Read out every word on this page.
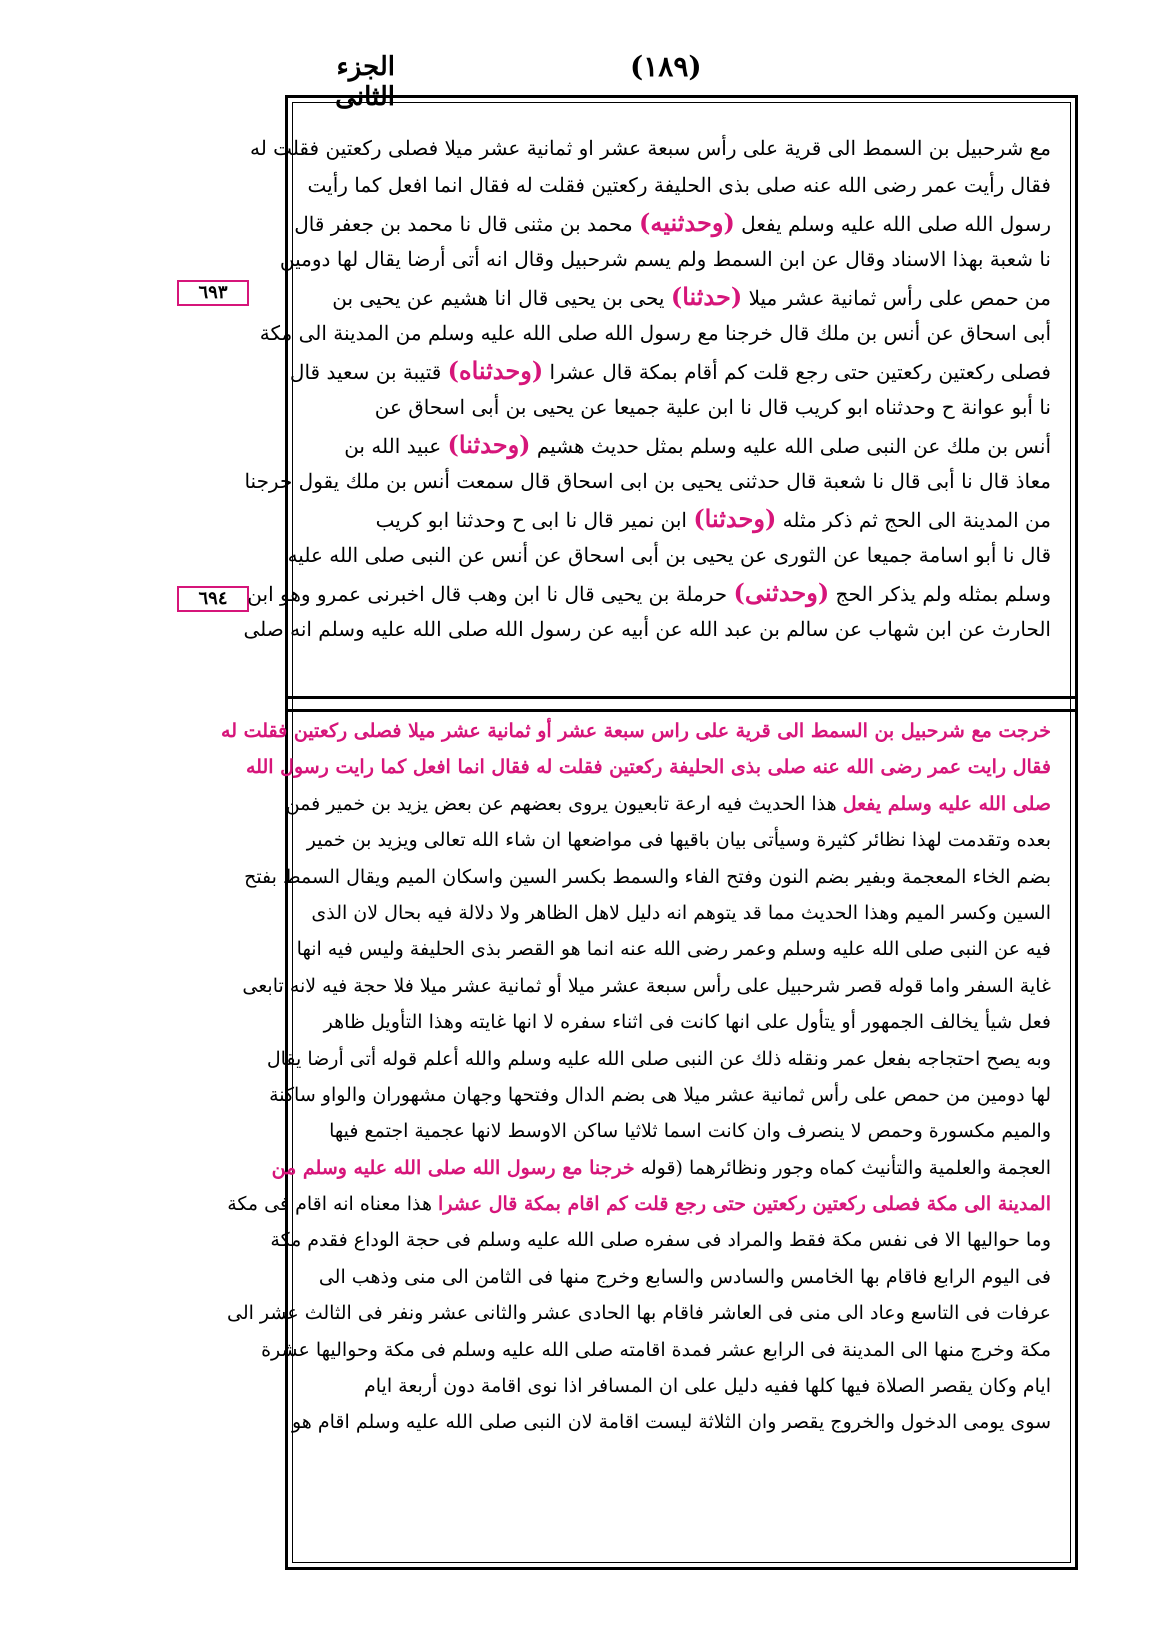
الجزء الثانى
(١٨٩)
٦٩٣
٦٩٤
مع شرحبيل بن السمط الى قرية على رأس سبعة عشر او ثمانية عشر ميلا فصلى ركعتين فقلت له
فقال رأيت عمر رضى الله عنه صلى بذى الحليفة ركعتين فقلت له فقال انما افعل كما رأيت
رسول الله صلى الله عليه وسلم يفعل (وحدثنيه) محمد بن مثنى قال نا محمد بن جعفر قال
نا شعبة بهذا الاسناد وقال عن ابن السمط ولم يسم شرحبيل وقال انه أتى أرضا يقال لها دومين
من حمص على رأس ثمانية عشر ميلا (حدثنا) يحى بن يحيى قال انا هشيم عن يحيى بن
أبى اسحاق عن أنس بن ملك قال خرجنا مع رسول الله صلى الله عليه وسلم من المدينة الى مكة
فصلى ركعتين ركعتين حتى رجع قلت كم أقام بمكة قال عشرا (وحدثناه) قتيبة بن سعيد قال
نا أبو عوانة ح وحدثناه ابو كريب قال نا ابن علية جميعا عن يحيى بن أبى اسحاق عن
أنس بن ملك عن النبى صلى الله عليه وسلم بمثل حديث هشيم (وحدثنا) عبيد الله بن
معاذ قال نا أبى قال نا شعبة قال حدثنى يحيى بن ابى اسحاق قال سمعت أنس بن ملك يقول خرجنا
من المدينة الى الحج ثم ذكر مثله (وحدثنا) ابن نمير قال نا ابى ح وحدثنا ابو كريب
قال نا أبو اسامة جميعا عن الثورى عن يحيى بن أبى اسحاق عن أنس عن النبى صلى الله عليه
وسلم بمثله ولم يذكر الحج (وحدثنى) حرملة بن يحيى قال نا ابن وهب قال اخبرنى عمرو وهو ابن
الحارث عن ابن شهاب عن سالم بن عبد الله عن أبيه عن رسول الله صلى الله عليه وسلم انه صلى
خرجت مع شرحبيل بن السمط الى قرية على راس سبعة عشر أو ثمانية عشر ميلا فصلى ركعتين فقلت له
فقال رايت عمر رضى الله عنه صلى بذى الحليفة ركعتين فقلت له فقال انما افعل كما رايت رسول الله
صلى الله عليه وسلم يفعل هذا الحديث فيه ارعة تابعيون يروى بعضهم عن بعض يزيد بن خمير فمن
بعده وتقدمت لهذا نظائر كثيرة وسيأتى بيان باقيها فى مواضعها ان شاء الله تعالى ويزيد بن خمير
بضم الخاء المعجمة وبفير بضم النون وفتح الفاء والسمط بكسر السين واسكان الميم ويقال السمط بفتح
السين وكسر الميم وهذا الحديث مما قد يتوهم انه دليل لاهل الظاهر ولا دلالة فيه بحال لان الذى
فيه عن النبى صلى الله عليه وسلم وعمر رضى الله عنه انما هو القصر بذى الحليفة وليس فيه انها
غاية السفر واما قوله قصر شرحبيل على رأس سبعة عشر ميلا أو ثمانية عشر ميلا فلا حجة فيه لانه تابعى
فعل شيأ يخالف الجمهور أو يتأول على انها كانت فى اثناء سفره لا انها غايته وهذا التأويل ظاهر
وبه يصح احتجاجه بفعل عمر ونقله ذلك عن النبى صلى الله عليه وسلم والله أعلم قوله أتى أرضا يقال
لها دومين من حمص على رأس ثمانية عشر ميلا هى بضم الدال وفتحها وجهان مشهوران والواو ساكنة
والميم مكسورة وحمص لا ينصرف وان كانت اسما ثلاثيا ساكن الاوسط لانها عجمية اجتمع فيها
العجمة والعلمية والتأنيث كماه وجور ونظائرهما (قوله خرجنا مع رسول الله صلى الله عليه وسلم من
المدينة الى مكة فصلى ركعتين ركعتين حتى رجع قلت كم اقام بمكة قال عشرا هذا معناه انه اقام فى مكة
وما حواليها الا فى نفس مكة فقط والمراد فى سفره صلى الله عليه وسلم فى حجة الوداع فقدم مكة
فى اليوم الرابع فاقام بها الخامس والسادس والسابع وخرج منها فى الثامن الى منى وذهب الى
عرفات فى التاسع وعاد الى منى فى العاشر فاقام بها الحادى عشر والثانى عشر ونفر فى الثالث عشر الى
مكة وخرج منها الى المدينة فى الرابع عشر فمدة اقامته صلى الله عليه وسلم فى مكة وحواليها عشرة
ايام وكان يقصر الصلاة فيها كلها ففيه دليل على ان المسافر اذا نوى اقامة دون أربعة ايام
سوى يومى الدخول والخروج يقصر وان الثلاثة ليست اقامة لان النبى صلى الله عليه وسلم اقام هو
